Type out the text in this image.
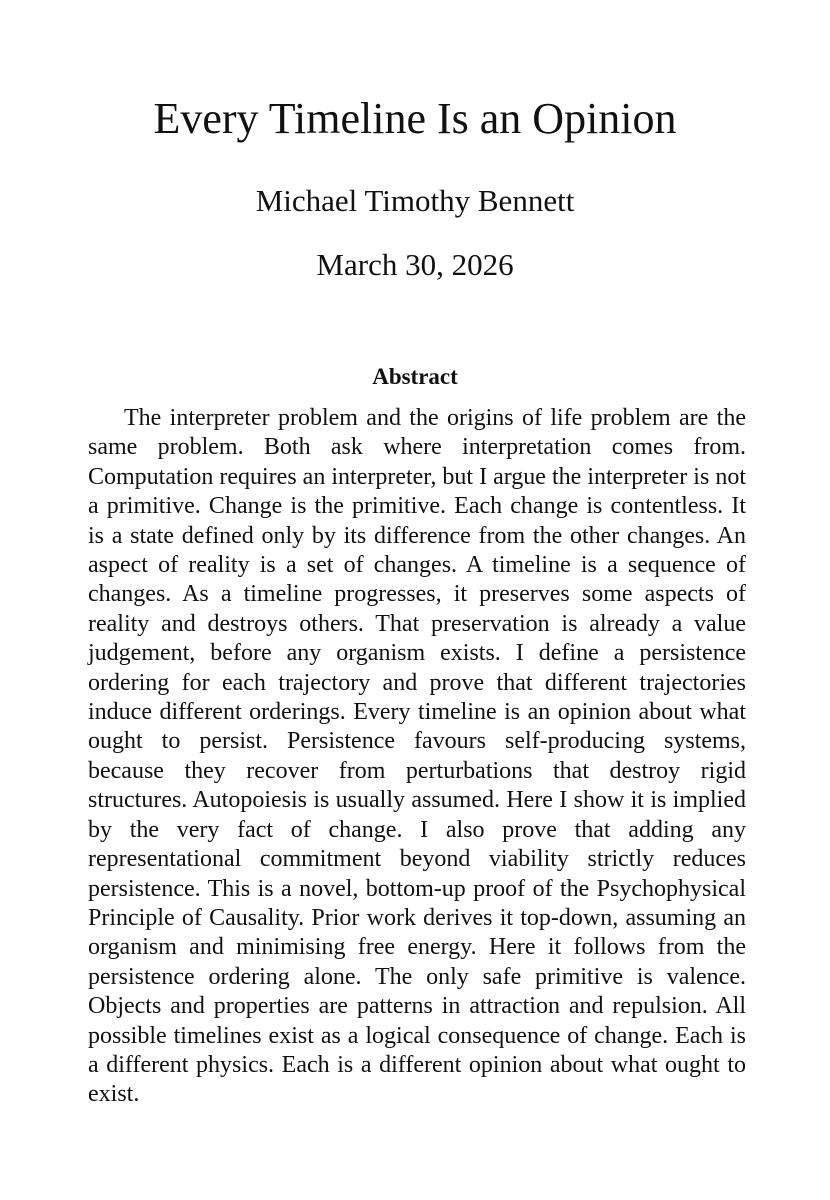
Every Timeline Is an Opinion

Michael Timothy Bennett

March 30, 2026

Abstract

The interpreter problem and the origins of life problem are the same problem. Both ask where interpretation comes from. Computation requires an interpreter, but I argue the interpreter is not a primitive. Change is the primitive. Each change is contentless. It is a state defined only by its difference from the other changes. An aspect of reality is a set of changes. A timeline is a sequence of changes. As a timeline progresses, it preserves some aspects of reality and destroys others. That preservation is already a value judgement, before any organism exists. I define a persistence ordering for each trajectory and prove that different trajectories induce different orderings. Every timeline is an opinion about what ought to persist. Persistence favours self-producing systems, because they recover from perturbations that destroy rigid structures. Autopoiesis is usually assumed. Here I show it is implied by the very fact of change. I also prove that adding any representational commitment beyond viability strictly reduces persistence. This is a novel, bottom-up proof of the Psychophysical Principle of Causality. Prior work derives it top-down, assuming an organism and minimising free energy. Here it follows from the persistence ordering alone. The only safe primitive is valence. Objects and properties are patterns in attraction and repulsion. All possible timelines exist as a logical consequence of change. Each is a different physics. Each is a different opinion about what ought to exist.
